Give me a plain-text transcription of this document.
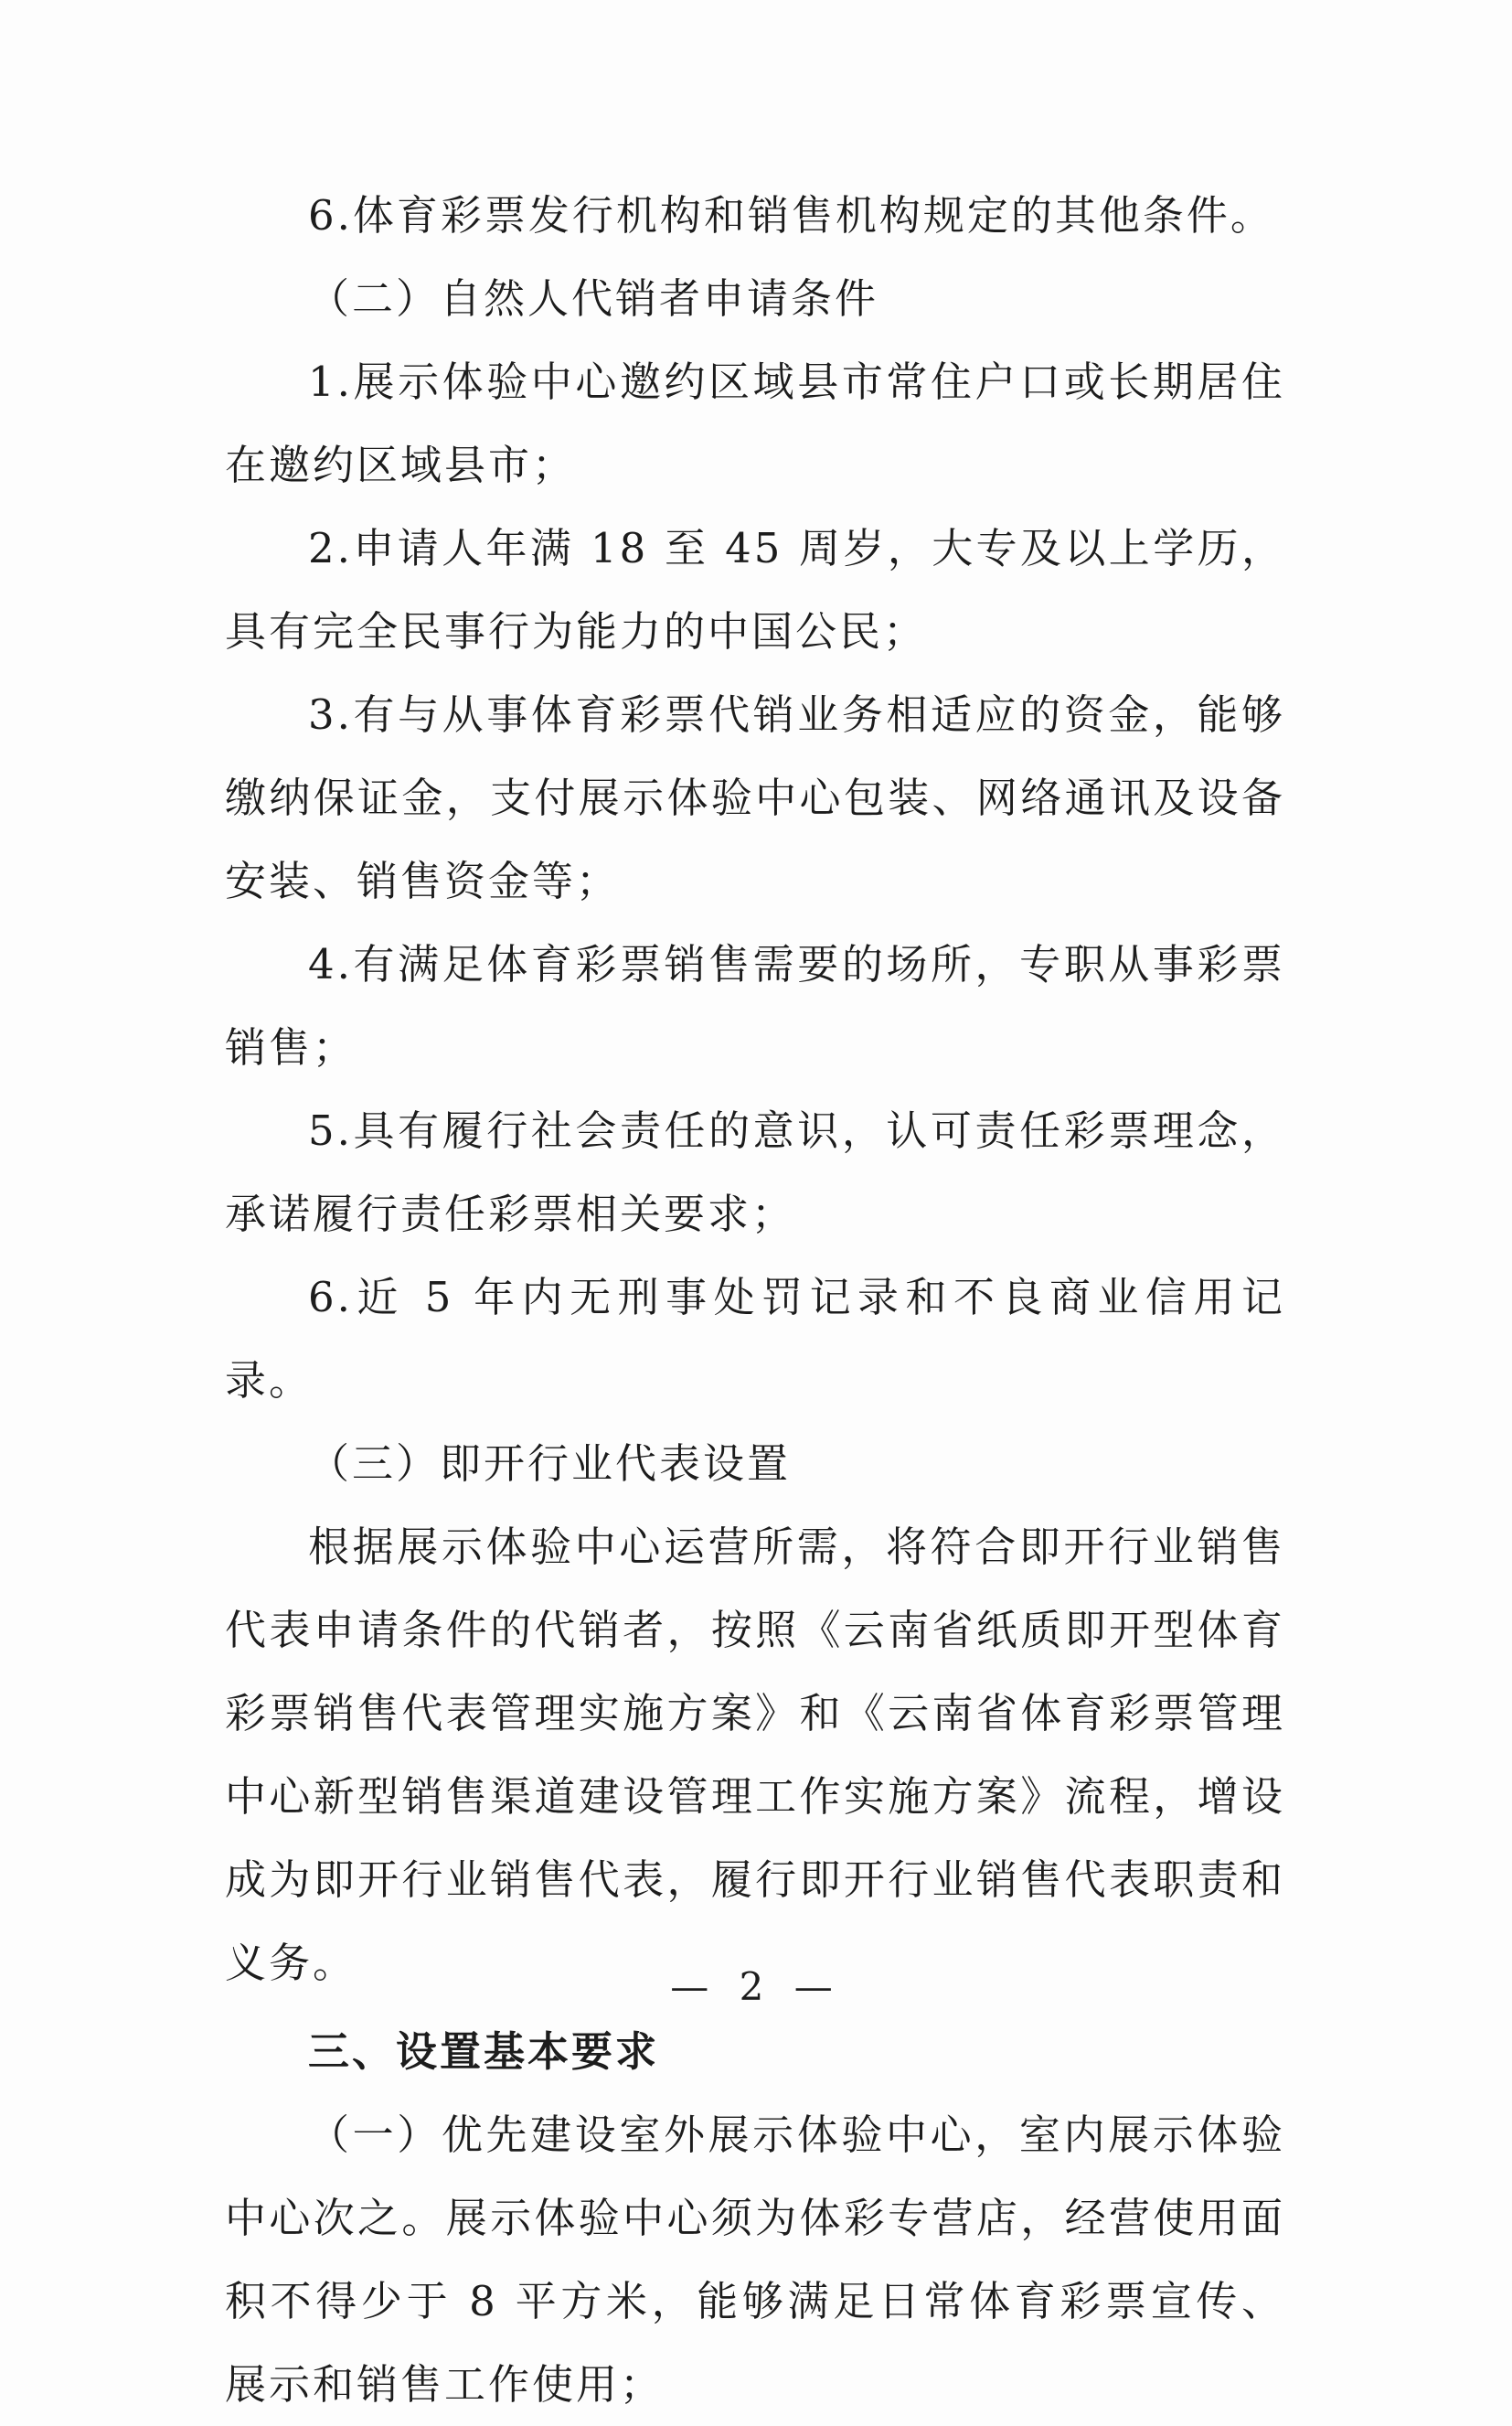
6.体育彩票发行机构和销售机构规定的其他条件。

（二）自然人代销者申请条件

1.展示体验中心邀约区域县市常住户口或长期居住在邀约区域县市；

2.申请人年满 18 至 45 周岁，大专及以上学历，具有完全民事行为能力的中国公民；

3.有与从事体育彩票代销业务相适应的资金，能够缴纳保证金，支付展示体验中心包装、网络通讯及设备安装、销售资金等；

4.有满足体育彩票销售需要的场所，专职从事彩票销售；

5.具有履行社会责任的意识，认可责任彩票理念，承诺履行责任彩票相关要求；

6.近 5 年内无刑事处罚记录和不良商业信用记录。

（三）即开行业代表设置

根据展示体验中心运营所需，将符合即开行业销售代表申请条件的代销者，按照《云南省纸质即开型体育彩票销售代表管理实施方案》和《云南省体育彩票管理中心新型销售渠道建设管理工作实施方案》流程，增设成为即开行业销售代表，履行即开行业销售代表职责和义务。

三、设置基本要求

（一）优先建设室外展示体验中心，室内展示体验中心次之。展示体验中心须为体彩专营店，经营使用面积不得少于 8 平方米，能够满足日常体育彩票宣传、展示和销售工作使用；

— 2 —
